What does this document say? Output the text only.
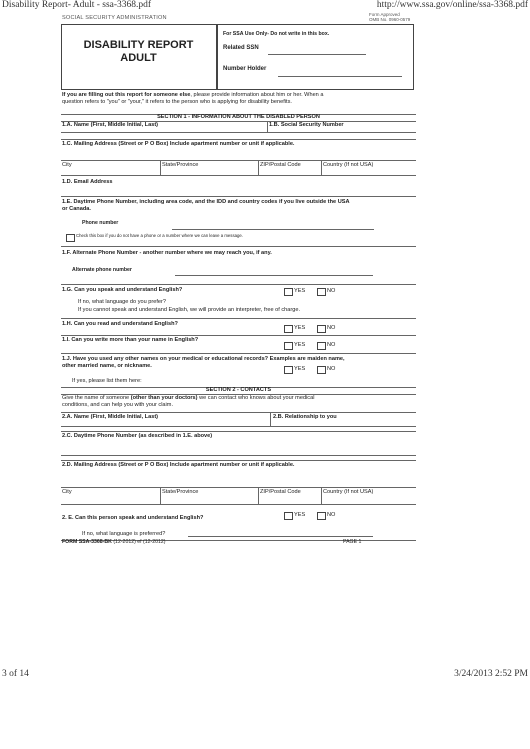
Disability Report- Adult - ssa-3368.pdf	http://www.ssa.gov/online/ssa-3368.pdf
3 of 14	3/24/2013 2:52 PM
SOCIAL SECURITY ADMINISTRATION
Form Approved
OMB No. 0960-0579
DISABILITY REPORT
ADULT
For SSA Use Only- Do not write in this box.
Related SSN
Number Holder
If you are filling out this report for someone else, please provide information about him or her. When a
question refers to "you" or "your," it refers to the person who is applying for disability benefits.
SECTION 1 - INFORMATION ABOUT THE DISABLED PERSON
1.A. Name (First, Middle Initial, Last)	1.B. Social Security Number
1.C. Mailing Address (Street or P O Box) Include apartment number or unit if applicable.
City	State/Province	ZIP/Postal Code	Country (If not USA)
1.D. Email Address
1.E. Daytime Phone Number, including area code, and the IDD and country codes if you live outside the USA
or Canada.
Phone number
Check this box if you do not have a phone or a number where we can leave a message.
1.F. Alternate Phone Number - another number where we may reach you, if any.
Alternate phone number
1.G. Can you speak and understand English?	YES	NO
If no, what language do you prefer?
If you cannot speak and understand English, we will provide an interpreter, free of charge.
1.H. Can you read and understand English?
YES	NO
1.I. Can you write more than your name in English?
YES	NO
1.J. Have you used any other names on your medical or educational records? Examples are maiden name,
other married name, or nickname.
YES	NO
If yes, please list them here:
SECTION 2 - CONTACTS
Give the name of someone (other than your doctors) we can contact who knows about your medical
conditions, and can help you with your claim.
2.A. Name (First, Middle Initial, Last)	2.B. Relationship to you
2.C. Daytime Phone Number (as described in 1.E. above)
2.D. Mailing Address (Street or P O Box) Include apartment number or unit if applicable.
City	State/Province	ZIP/Postal Code	Country (If not USA)
2. E. Can this person speak and understand English?	YES	NO
If no, what language is preferred?
FORM SSA-3368-BK (12-2012) ef (12-2012)	PAGE 1
